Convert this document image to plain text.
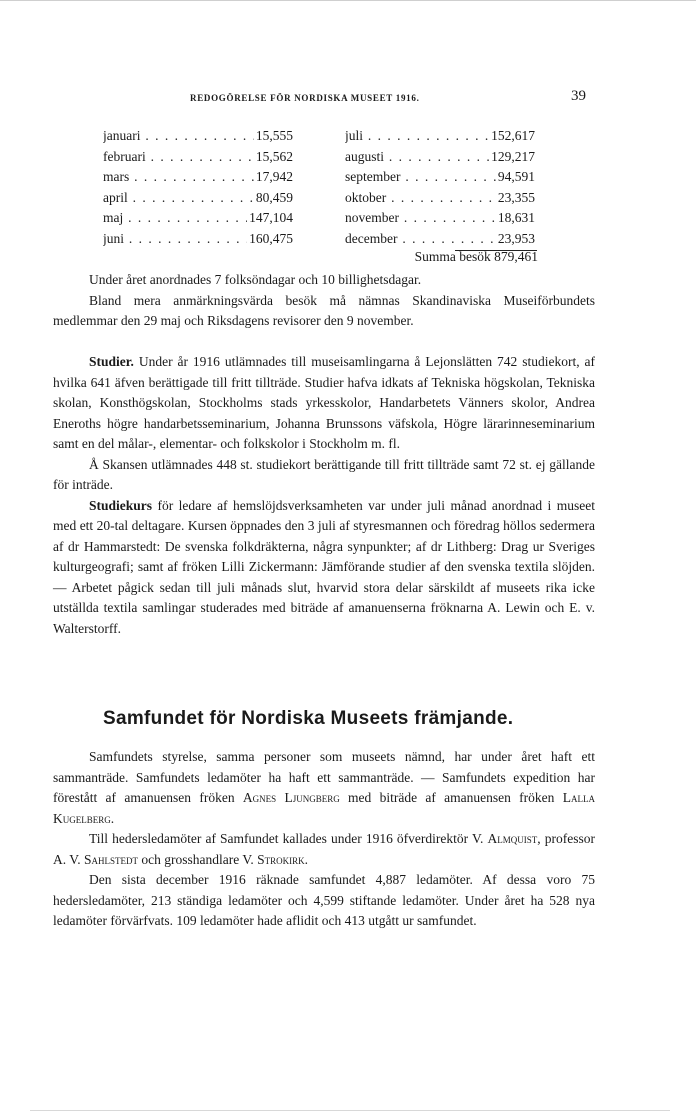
REDOGÖRELSE FÖR NORDISKA MUSEET 1916.	39
januari . . .	15,555
februari . . .	15,562
mars . . .	17,942
april . . .	80,459
maj . . .	147,104
juni . . .	160,475
juli . . .	152,617
augusti . . .	129,217
september . . .	94,591
oktober . . .	23,355
november . . .	18,631
december . . .	23,953
Summa besök 879,461

Under året anordnades 7 folksöndagar och 10 billighetsdagar.

Bland mera anmärkningsvärda besök må nämnas Skandinaviska Museiförbundets medlemmar den 29 maj och Riksdagens revisorer den 9 november.

Studier. Under år 1916 utlämnades till museisamlingarna å Lejonslätten 742 studiekort, af hvilka 641 äfven berättigade till fritt tillträde. Studier hafva idkats af Tekniska högskolan, Tekniska skolan, Konsthögskolan, Stockholms stads yrkesskolor, Handarbetets Vänners skolor, Andrea Eneroths högre handarbetsseminarium, Johanna Brunssons väfskola, Högre lärarinneseminarium samt en del målar-, elementar- och folkskolor i Stockholm m. fl.

Å Skansen utlämnades 448 st. studiekort berättigande till fritt tillträde samt 72 st. ej gällande för inträde.

Studiekurs för ledare af hemslöjdsverksamheten var under juli månad anordnad i museet med ett 20-tal deltagare. Kursen öppnades den 3 juli af styresmannen och föredrag höllos sedermera af dr Hammarstedt: De svenska folkdräkterna, några synpunkter; af dr Lithberg: Drag ur Sveriges kulturgeografi; samt af fröken Lilli Zickermann: Jämförande studier af den svenska textila slöjden. — Arbetet pågick sedan till juli månads slut, hvarvid stora delar särskildt af museets rika icke utställda textila samlingar studerades med biträde af amanuenserna fröknarna A. Lewin och E. v. Walterstorff.

Samfundet för Nordiska Museets främjande.

Samfundets styrelse, samma personer som museets nämnd, har under året haft ett sammanträde. Samfundets ledamöter ha haft ett sammanträde. — Samfundets expedition har förestått af amanuensen fröken Agnes Ljungberg med biträde af amanuensen fröken Lalla Kugelberg.

Till hedersledamöter af Samfundet kallades under 1916 öfverdirektör V. Almquist, professor A. V. Sahlstedt och grosshandlare V. Strokirk.

Den sista december 1916 räknade samfundet 4,887 ledamöter. Af dessa voro 75 hedersledamöter, 213 ständiga ledamöter och 4,599 stiftande ledamöter. Under året ha 528 nya ledamöter förvärfvats. 109 ledamöter hade aflidit och 413 utgått ur samfundet.
